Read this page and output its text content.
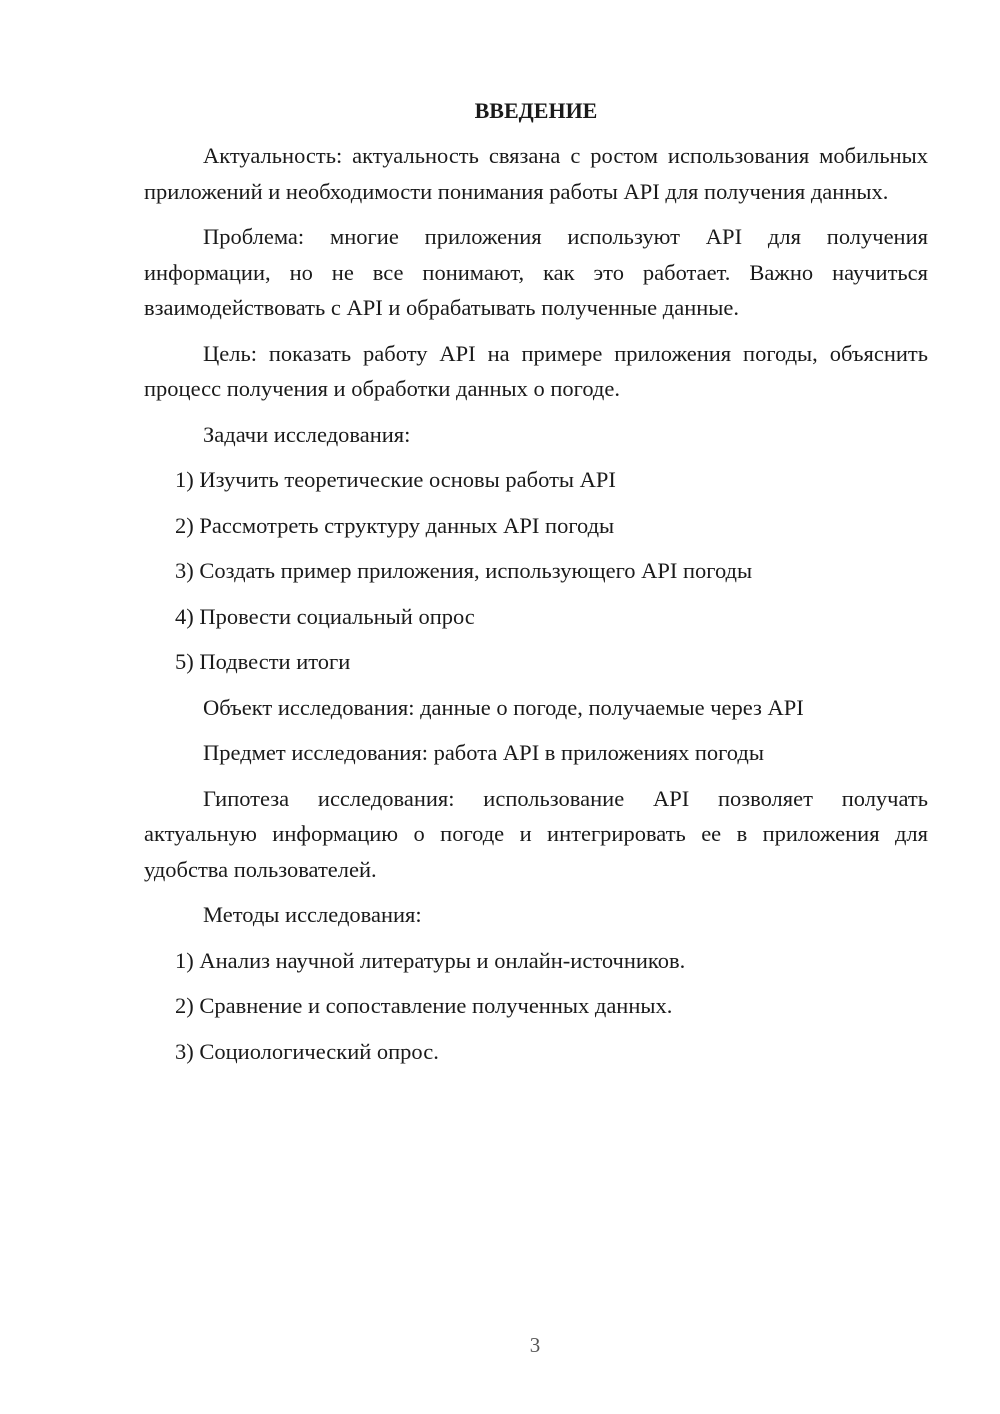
ВВЕДЕНИЕ

Актуальность: актуальность связана с ростом использования мобильных приложений и необходимости понимания работы API для получения данных.

Проблема: многие приложения используют API для получения информации, но не все понимают, как это работает. Важно научиться взаимодействовать с API и обрабатывать полученные данные.

Цель: показать работу API на примере приложения погоды, объяснить процесс получения и обработки данных о погоде.

Задачи исследования:

1) Изучить теоретические основы работы API

2) Рассмотреть структуру данных API погоды

3) Создать пример приложения, использующего API погоды

4) Провести социальный опрос

5) Подвести итоги

Объект исследования: данные о погоде, получаемые через API

Предмет исследования: работа API в приложениях погоды

Гипотеза исследования: использование API позволяет получать актуальную информацию о погоде и интегрировать ее в приложения для удобства пользователей.

Методы исследования:

1) Анализ научной литературы и онлайн-источников.

2) Сравнение и сопоставление полученных данных.

3) Социологический опрос.

3
